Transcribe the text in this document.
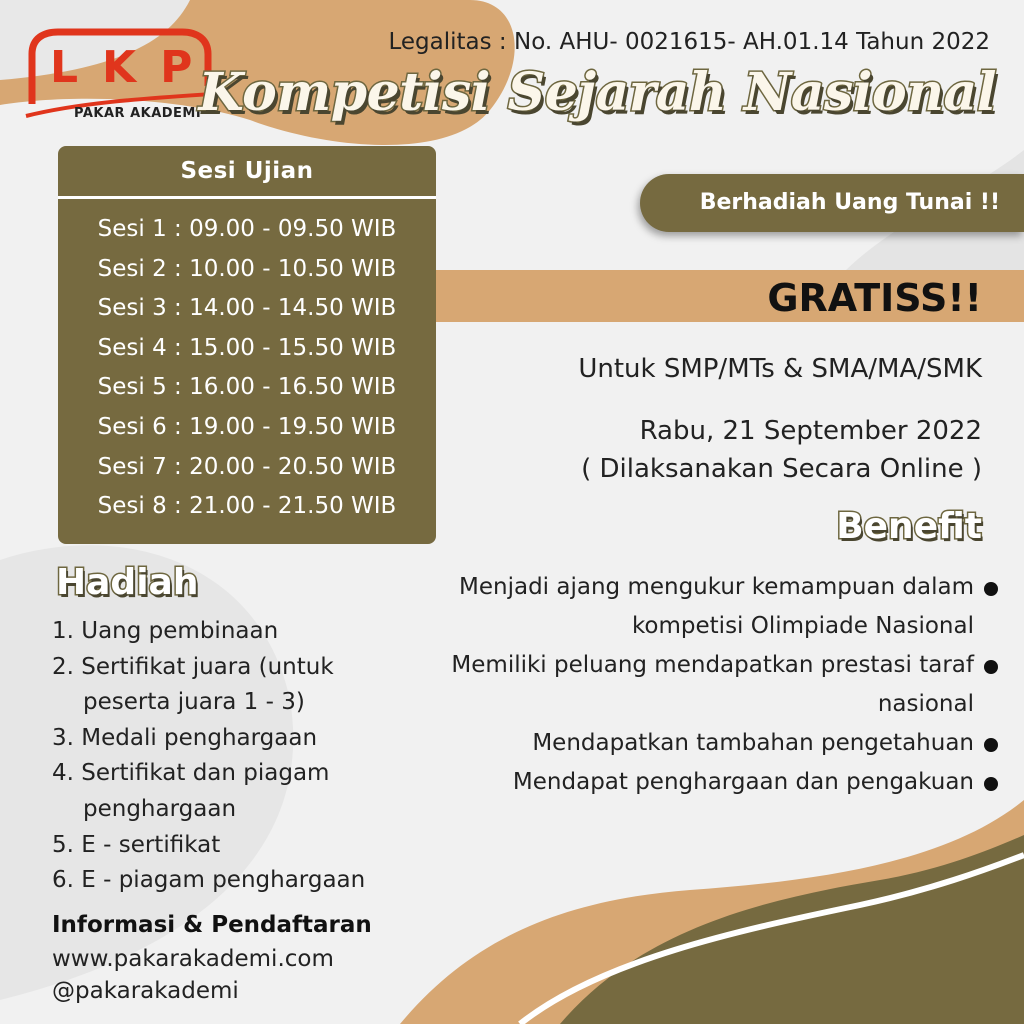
LKP
PAKAR AKADEMI
Legalitas : No. AHU- 0021615- AH.01.14 Tahun 2022
Kompetisi Sejarah Nasional
Sesi Ujian
Sesi 1 : 09.00 - 09.50 WIB
Sesi 2 : 10.00 - 10.50 WIB
Sesi 3 : 14.00 - 14.50 WIB
Sesi 4 : 15.00 - 15.50 WIB
Sesi 5 : 16.00 - 16.50 WIB
Sesi 6 : 19.00 - 19.50 WIB
Sesi 7 : 20.00 - 20.50 WIB
Sesi 8 : 21.00 - 21.50 WIB
Berhadiah Uang Tunai !!
GRATISS!!
Untuk SMP/MTs & SMA/MA/SMK
Rabu, 21 September 2022
( Dilaksanakan Secara Online )
Benefit
Menjadi ajang mengukur kemampuan dalam kompetisi Olimpiade Nasional
Memiliki peluang mendapatkan prestasi taraf nasional
Mendapatkan tambahan pengetahuan
Mendapat penghargaan dan pengakuan
Hadiah
1. Uang pembinaan
2. Sertifikat juara (untuk peserta juara 1 - 3)
3. Medali penghargaan
4. Sertifikat dan piagam penghargaan
5. E - sertifikat
6. E - piagam penghargaan
Informasi & Pendaftaran
www.pakarakademi.com
@pakarakademi
